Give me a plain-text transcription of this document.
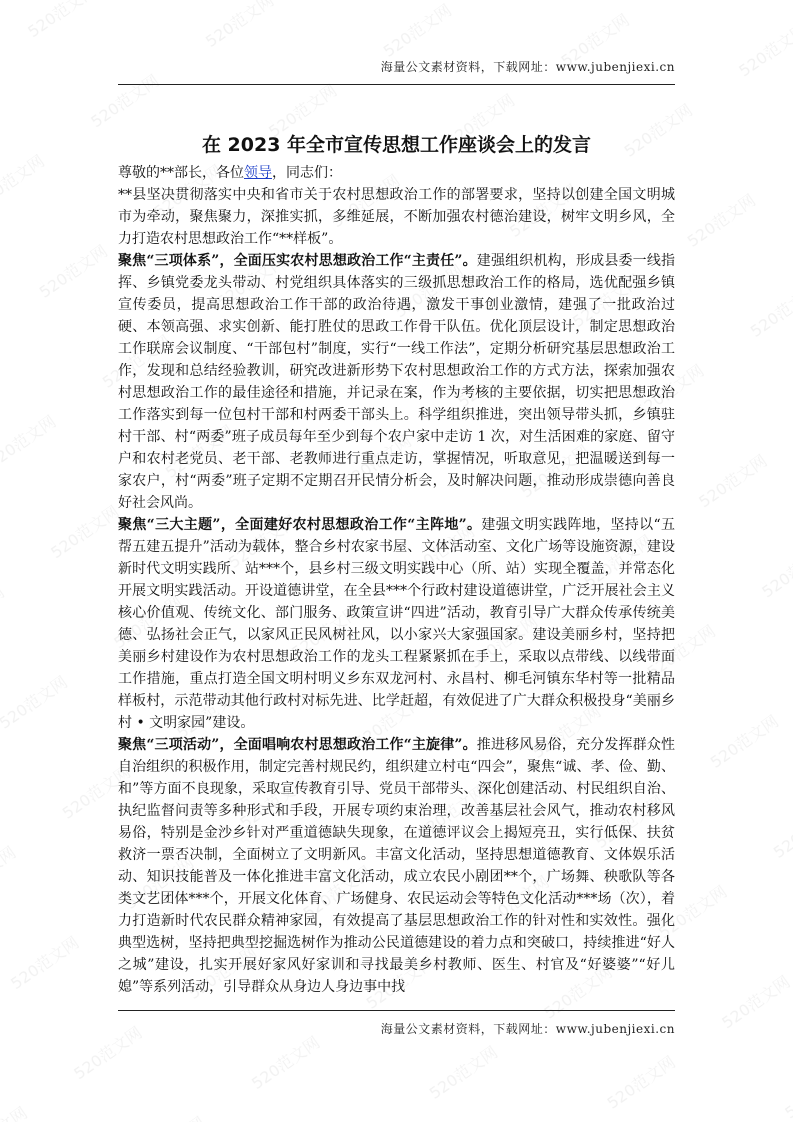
海量公文素材资料，下载网址：www.jubenjiexi.cn
在 2023 年全市宣传思想工作座谈会上的发言

尊敬的**部长，各位领导，同志们：

**县坚决贯彻落实中央和省市关于农村思想政治工作的部署要求，坚持以创建全国文明城市为牵动，聚焦聚力，深推实抓，多维延展，不断加强农村德治建设，树牢文明乡风，全力打造农村思想政治工作“**样板”。

聚焦“三项体系”，全面压实农村思想政治工作“主责任”。建强组织机构，形成县委一线指挥、乡镇党委龙头带动、村党组织具体落实的三级抓思想政治工作的格局，选优配强乡镇宣传委员，提高思想政治工作干部的政治待遇，激发干事创业激情，建强了一批政治过硬、本领高强、求实创新、能打胜仗的思政工作骨干队伍。优化顶层设计，制定思想政治工作联席会议制度、“干部包村”制度，实行“一线工作法”，定期分析研究基层思想政治工作，发现和总结经验教训，研究改进新形势下农村思想政治工作的方式方法，探索加强农村思想政治工作的最佳途径和措施，并记录在案，作为考核的主要依据，切实把思想政治工作落实到每一位包村干部和村两委干部头上。科学组织推进，突出领导带头抓，乡镇驻村干部、村“两委”班子成员每年至少到每个农户家中走访 1 次，对生活困难的家庭、留守户和农村老党员、老干部、老教师进行重点走访，掌握情况，听取意见，把温暖送到每一家农户，村“两委”班子定期不定期召开民情分析会，及时解决问题，推动形成崇德向善良好社会风尚。

聚焦“三大主题”，全面建好农村思想政治工作“主阵地”。建强文明实践阵地，坚持以“五帮五建五提升”活动为载体，整合乡村农家书屋、文体活动室、文化广场等设施资源，建设新时代文明实践所、站***个，县乡村三级文明实践中心（所、站）实现全覆盖，并常态化开展文明实践活动。开设道德讲堂，在全县***个行政村建设道德讲堂，广泛开展社会主义核心价值观、传统文化、部门服务、政策宣讲“四进”活动，教育引导广大群众传承传统美德、弘扬社会正气，以家风正民风树社风，以小家兴大家强国家。建设美丽乡村，坚持把美丽乡村建设作为农村思想政治工作的龙头工程紧紧抓在手上，采取以点带线、以线带面工作措施，重点打造全国文明村明义乡东双龙河村、永昌村、柳毛河镇东华村等一批精品样板村，示范带动其他行政村对标先进、比学赶超，有效促进了广大群众积极投身“美丽乡村 • 文明家园”建设。

聚焦“三项活动”，全面唱响农村思想政治工作“主旋律”。推进移风易俗，充分发挥群众性自治组织的积极作用，制定完善村规民约，组织建立村屯“四会”，聚焦“诚、孝、俭、勤、和”等方面不良现象，采取宣传教育引导、党员干部带头、深化创建活动、村民组织自治、执纪监督问责等多种形式和手段，开展专项约束治理，改善基层社会风气，推动农村移风易俗，特别是金沙乡针对严重道德缺失现象，在道德评议会上揭短亮丑，实行低保、扶贫救济一票否决制，全面树立了文明新风。丰富文化活动，坚持思想道德教育、文体娱乐活动、知识技能普及一体化推进丰富文化活动，成立农民小剧团**个，广场舞、秧歌队等各类文艺团体***个，开展文化体育、广场健身、农民运动会等特色文化活动***场（次），着力打造新时代农民群众精神家园，有效提高了基层思想政治工作的针对性和实效性。强化典型选树，坚持把典型挖掘选树作为推动公民道德建设的着力点和突破口，持续推进“好人之城”建设，扎实开展好家风好家训和寻找最美乡村教师、医生、村官及“好婆婆”“好儿媳”等系列活动，引导群众从身边人身边事中找

海量公文素材资料，下载网址：www.jubenjiexi.cn
